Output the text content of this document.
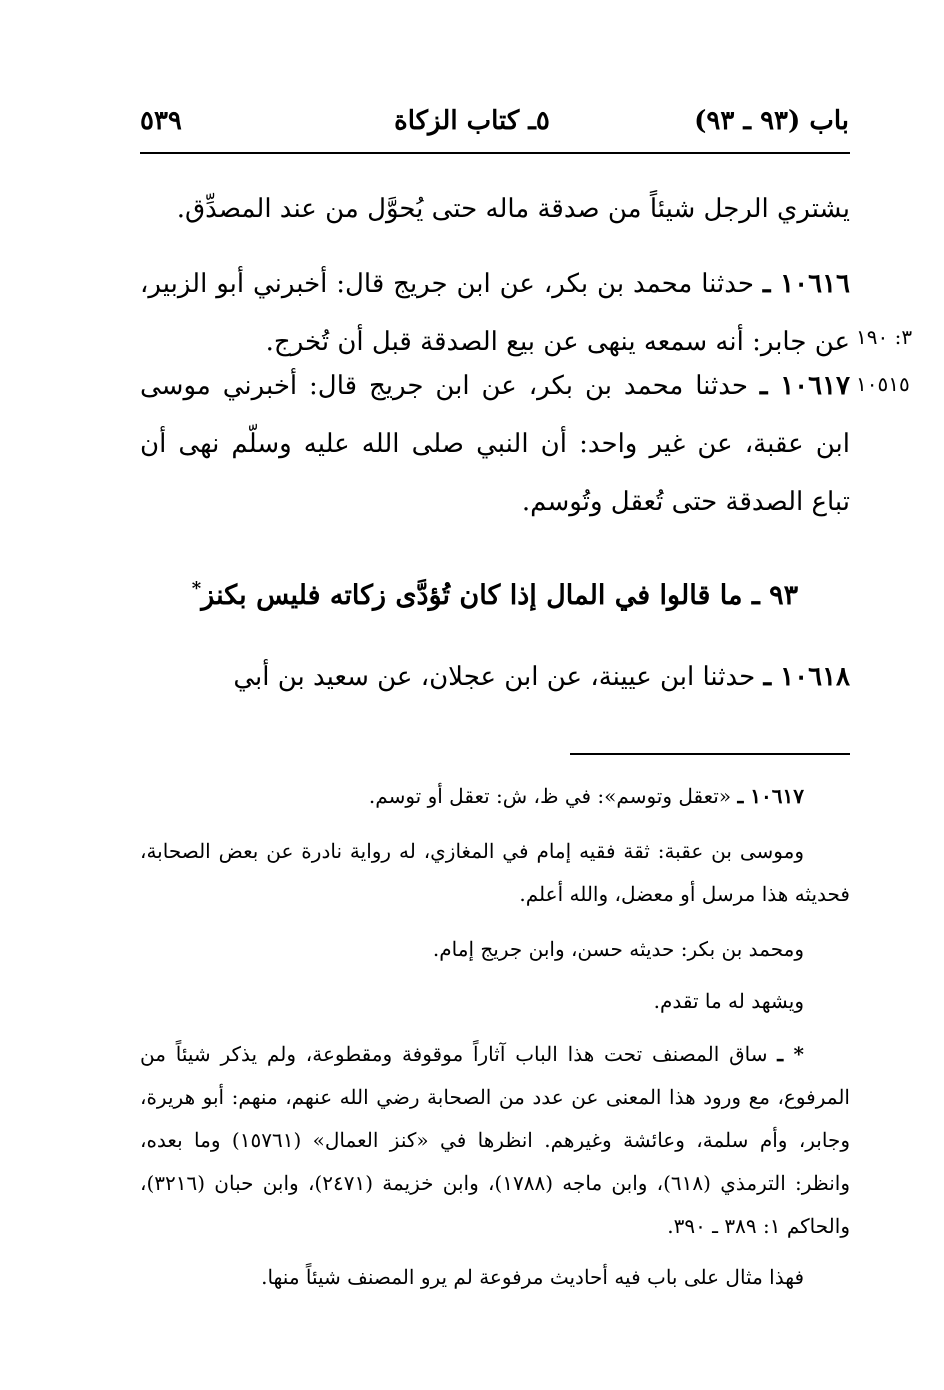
باب (٩٣ ـ ٩٣)
٥ـ كتاب الزكاة
٥٣٩
يشتري الرجل شيئاً من صدقة ماله حتى يُحوَّل من عند المصدِّق.
١٠٦١٦ ـ حدثنا محمد بن بكر، عن ابن جريج قال: أخبرني أبو الزبير، عن جابر: أنه سمعه ينهى عن بيع الصدقة قبل أن تُخرج. ٣: ١٩٠
١٠٦١٧ ـ حدثنا محمد بن بكر، عن ابن جريج قال: أخبرني موسى ابن عقبة، عن غير واحد: أن النبي صلى الله عليه وسلّم نهى أن تباع الصدقة حتى تُعقل وتُوسم.
١٠٥١٥
٩٣ ـ ما قالوا في المال إذا كان تُؤدَّى زكاته فليس بكنز*
١٠٦١٨ ـ حدثنا ابن عيينة، عن ابن عجلان، عن سعيد بن أبي
١٠٦١٧ ـ «تعقل وتوسم»: في ظ، ش: تعقل أو توسم.
وموسى بن عقبة: ثقة فقيه إمام في المغازي، له رواية نادرة عن بعض الصحابة، فحديثه هذا مرسل أو معضل، والله أعلم.
ومحمد بن بكر: حديثه حسن، وابن جريج إمام.
ويشهد له ما تقدم.
* ـ ساق المصنف تحت هذا الباب آثاراً موقوفة ومقطوعة، ولم يذكر شيئاً من المرفوع، مع ورود هذا المعنى عن عدد من الصحابة رضي الله عنهم، منهم: أبو هريرة، وجابر، وأم سلمة، وعائشة وغيرهم. انظرها في «كنز العمال» (١٥٧٦١) وما بعده، وانظر: الترمذي (٦١٨)، وابن ماجه (١٧٨٨)، وابن خزيمة (٢٤٧١)، وابن حبان (٣٢١٦)، والحاكم ١: ٣٨٩ ـ ٣٩٠.
فهذا مثال على باب فيه أحاديث مرفوعة لم يرو المصنف شيئاً منها.
